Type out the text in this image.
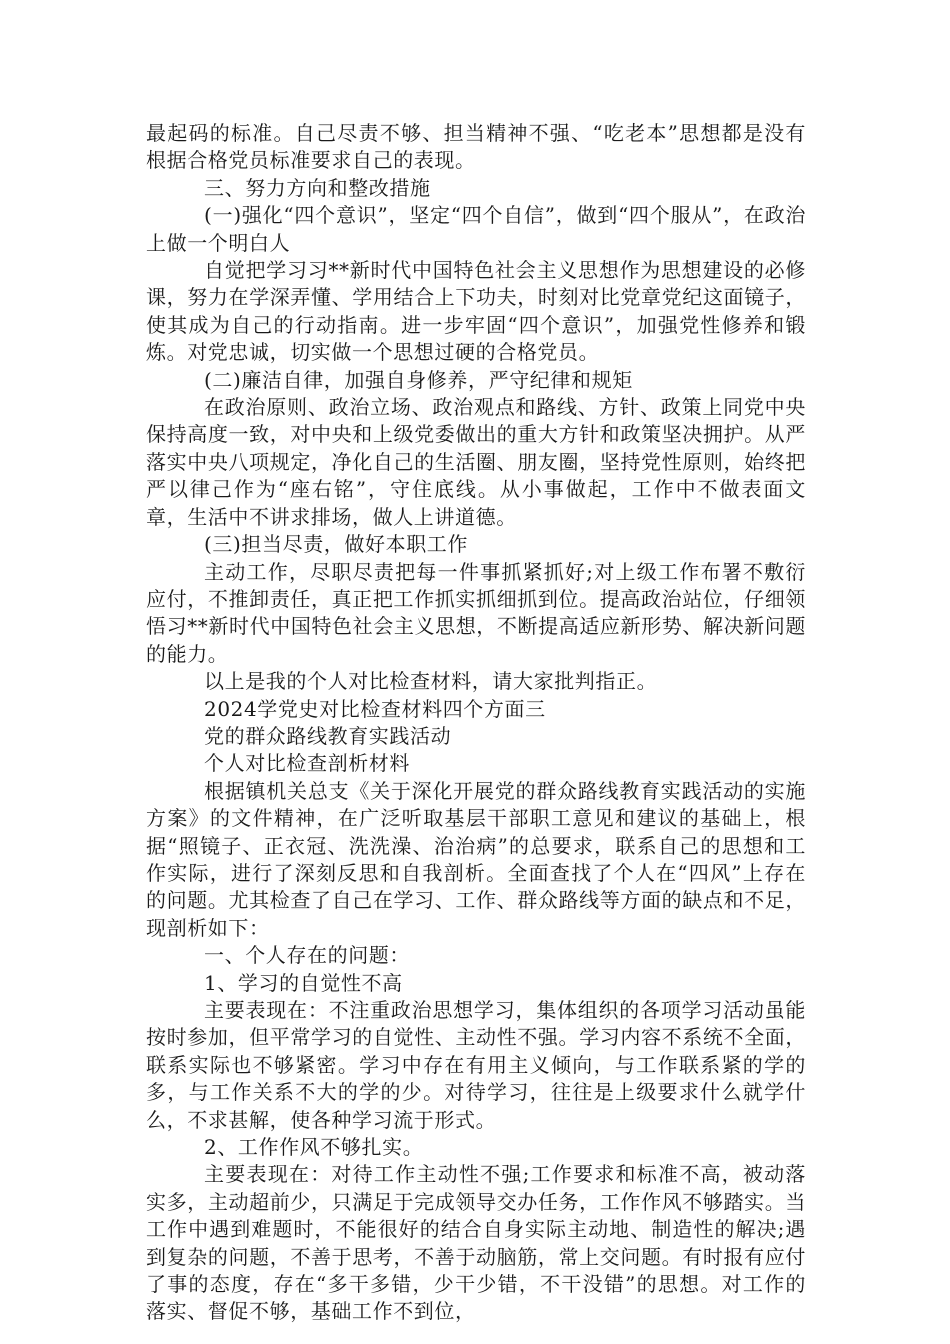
最起码的标准。自己尽责不够、担当精神不强、“吃老本”思想都是没有根据合格党员标准要求自己的表现。

三、努力方向和整改措施

(一)强化“四个意识”，坚定“四个自信”，做到“四个服从”，在政治上做一个明白人

自觉把学习习**新时代中国特色社会主义思想作为思想建设的必修课，努力在学深弄懂、学用结合上下功夫，时刻对比党章党纪这面镜子，使其成为自己的行动指南。进一步牢固“四个意识”，加强党性修养和锻炼。对党忠诚，切实做一个思想过硬的合格党员。

(二)廉洁自律，加强自身修养，严守纪律和规矩

在政治原则、政治立场、政治观点和路线、方针、政策上同党中央保持高度一致，对中央和上级党委做出的重大方针和政策坚决拥护。从严落实中央八项规定，净化自己的生活圈、朋友圈，坚持党性原则，始终把严以律己作为“座右铭”，守住底线。从小事做起，工作中不做表面文章，生活中不讲求排场，做人上讲道德。

(三)担当尽责，做好本职工作

主动工作，尽职尽责把每一件事抓紧抓好;对上级工作布署不敷衍应付，不推卸责任，真正把工作抓实抓细抓到位。提高政治站位，仔细领悟习**新时代中国特色社会主义思想，不断提高适应新形势、解决新问题的能力。

以上是我的个人对比检查材料，请大家批判指正。

2024学党史对比检查材料四个方面三

党的群众路线教育实践活动

个人对比检查剖析材料

根据镇机关总支《关于深化开展党的群众路线教育实践活动的实施方案》的文件精神，在广泛听取基层干部职工意见和建议的基础上，根据“照镜子、正衣冠、洗洗澡、治治病”的总要求，联系自己的思想和工作实际，进行了深刻反思和自我剖析。全面查找了个人在“四风”上存在的问题。尤其检查了自己在学习、工作、群众路线等方面的缺点和不足，现剖析如下：

一、个人存在的问题：

1、学习的自觉性不高

主要表现在：不注重政治思想学习，集体组织的各项学习活动虽能按时参加，但平常学习的自觉性、主动性不强。学习内容不系统不全面，联系实际也不够紧密。学习中存在有用主义倾向，与工作联系紧的学的多，与工作关系不大的学的少。对待学习，往往是上级要求什么就学什么，不求甚解，使各种学习流于形式。

2、工作作风不够扎实。

主要表现在：对待工作主动性不强;工作要求和标准不高，被动落实多，主动超前少，只满足于完成领导交办任务，工作作风不够踏实。当工作中遇到难题时，不能很好的结合自身实际主动地、制造性的解决;遇到复杂的问题，不善于思考，不善于动脑筋，常上交问题。有时报有应付了事的态度，存在“多干多错，少干少错，不干没错”的思想。对工作的落实、督促不够，基础工作不到位，
